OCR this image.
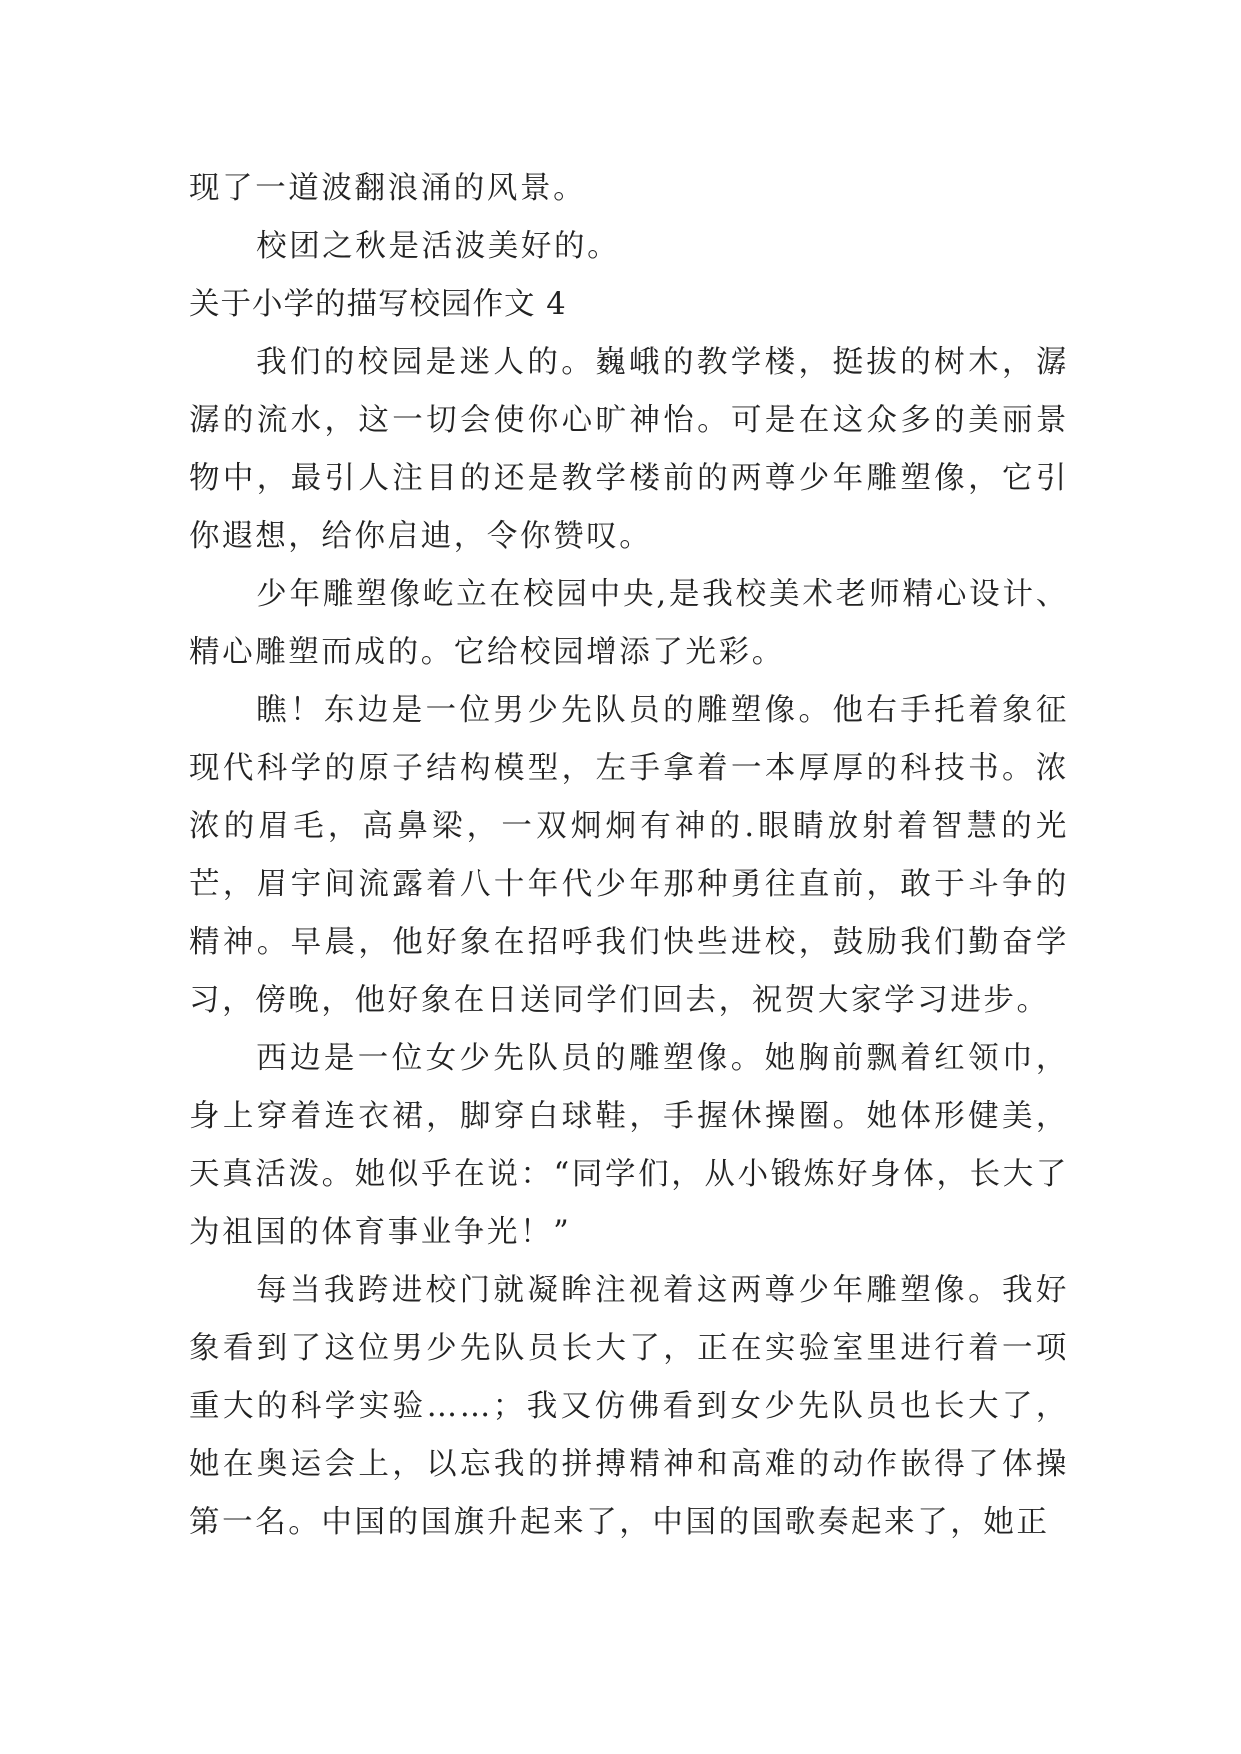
现了一道波翻浪涌的风景。

校团之秋是活波美好的。

关于小学的描写校园作文 4

我们的校园是迷人的。巍峨的教学楼，挺拔的树木，潺潺的流水，这一切会使你心旷神怡。可是在这众多的美丽景物中，最引人注目的还是教学楼前的两尊少年雕塑像，它引你遐想，给你启迪，令你赞叹。

少年雕塑像屹立在校园中央,是我校美术老师精心设计、精心雕塑而成的。它给校园增添了光彩。

瞧！东边是一位男少先队员的雕塑像。他右手托着象征现代科学的原子结构模型，左手拿着一本厚厚的科技书。浓浓的眉毛，高鼻梁，一双炯炯有神的.眼睛放射着智慧的光芒，眉宇间流露着八十年代少年那种勇往直前，敢于斗争的精神。早晨，他好象在招呼我们快些进校，鼓励我们勤奋学习，傍晚，他好象在日送同学们回去，祝贺大家学习进步。

西边是一位女少先队员的雕塑像。她胸前飘着红领巾，身上穿着连衣裙，脚穿白球鞋，手握休操圈。她体形健美，天真活泼。她似乎在说：“同学们，从小锻炼好身体，长大了为祖国的体育事业争光！”

每当我跨进校门就凝眸注视着这两尊少年雕塑像。我好象看到了这位男少先队员长大了，正在实验室里进行着一项重大的科学实验……；我又仿佛看到女少先队员也长大了，她在奥运会上，以忘我的拼搏精神和高难的动作嵌得了体操第一名。中国的国旗升起来了，中国的国歌奏起来了，她正
